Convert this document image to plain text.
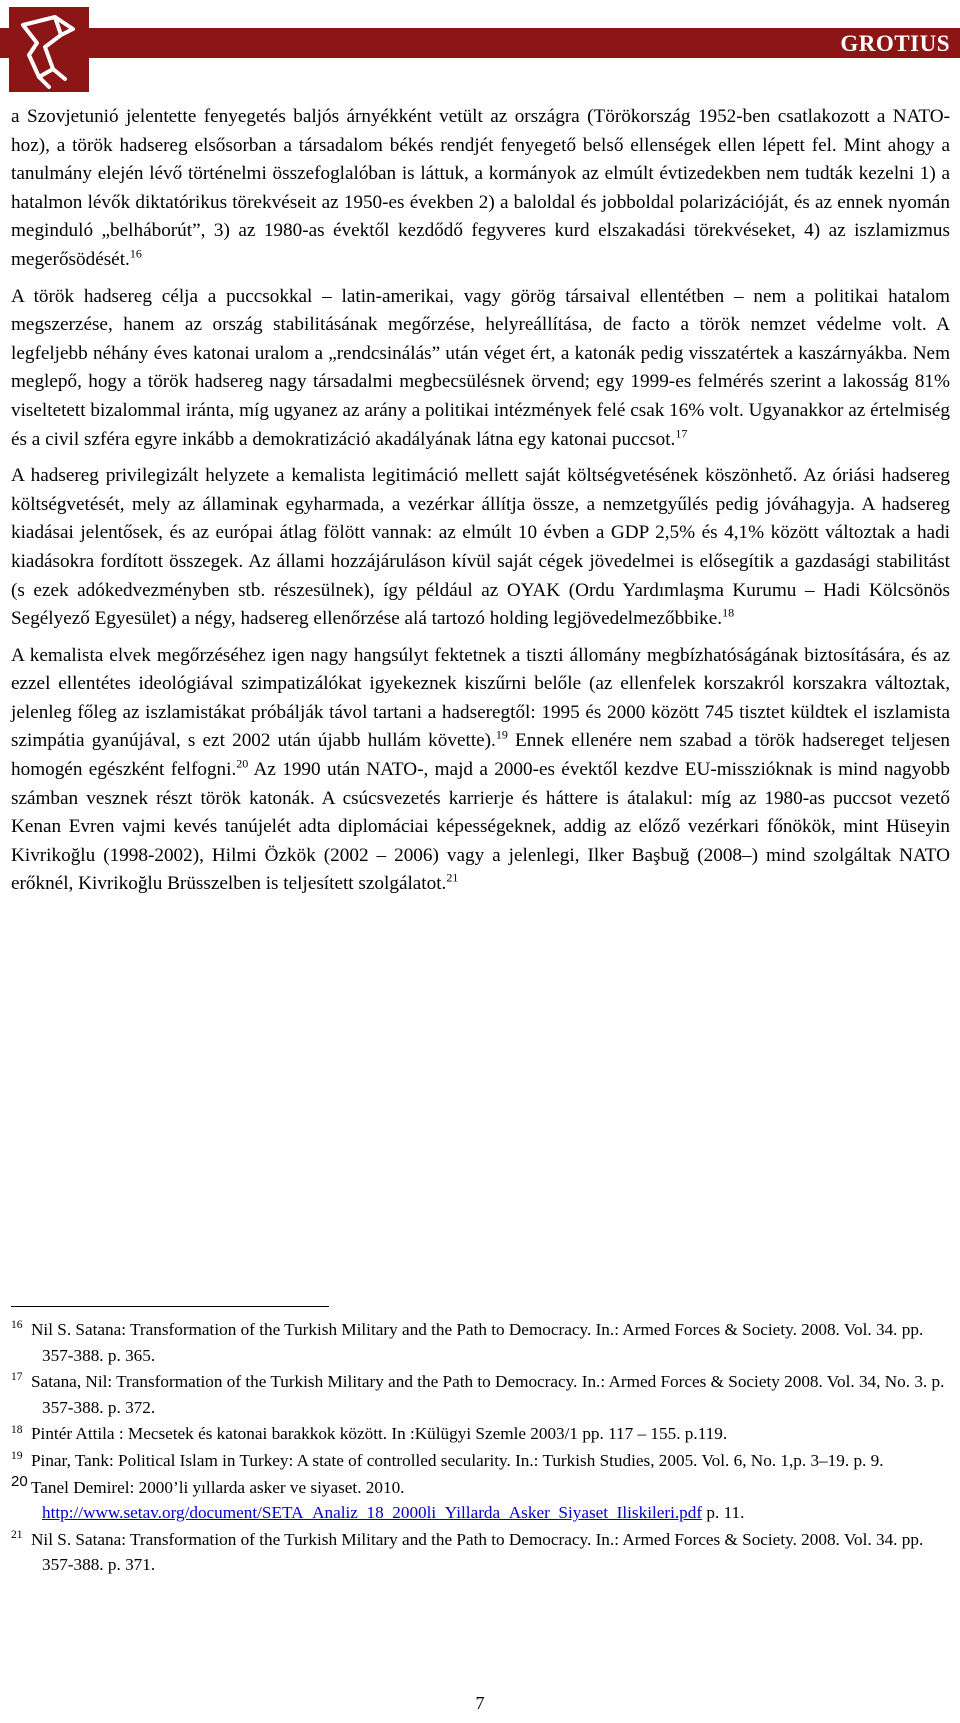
GROTIUS

a Szovjetunió jelentette fenyegetés baljós árnyékként vetült az országra (Törökország 1952-ben csatlakozott a NATO-hoz), a török hadsereg elsősorban a társadalom békés rendjét fenyegető belső ellenségek ellen lépett fel. Mint ahogy a tanulmány elején lévő történelmi összefoglalóban is láttuk, a kormányok az elmúlt évtizedekben nem tudták kezelni 1) a hatalmon lévők diktatórikus törekvéseit az 1950-es években 2) a baloldal és jobboldal polarizációját, és az ennek nyomán meginduló „belháborút”, 3) az 1980-as évektől kezdődő fegyveres kurd elszakadási törekvéseket, 4) az iszlamizmus megerősödését.$^{16}$

A török hadsereg célja a puccsokkal – latin-amerikai, vagy görög társaival ellentétben – nem a politikai hatalom megszerzése, hanem az ország stabilitásának megőrzése, helyreállítása, de facto a török nemzet védelme volt. A legfeljebb néhány éves katonai uralom a „rendcsinálás” után véget ért, a katonák pedig visszatértek a kaszárnyákba. Nem meglepő, hogy a török hadsereg nagy társadalmi megbecsülésnek örvend; egy 1999-es felmérés szerint a lakosság 81% viseltetett bizalommal iránta, míg ugyanez az arány a politikai intézmények felé csak 16% volt. Ugyanakkor az értelmiség és a civil szféra egyre inkább a demokratizáció akadályának látna egy katonai puccsot.$^{17}$

A hadsereg privilegizált helyzete a kemalista legitimáció mellett saját költségvetésének köszönhető. Az óriási hadsereg költségvetését, mely az államinak egyharmada, a vezérkar állítja össze, a nemzetgyűlés pedig jóváhagyja. A hadsereg kiadásai jelentősek, és az európai átlag fölött vannak: az elmúlt 10 évben a GDP 2,5% és 4,1% között változtak a hadi kiadásokra fordított összegek. Az állami hozzájáruláson kívül saját cégek jövedelmei is elősegítik a gazdasági stabilitást (s ezek adókedvezményben stb. részesülnek), így például az OYAK (Ordu Yardımlaşma Kurumu – Hadi Kölcsönös Segélyező Egyesület) a négy, hadsereg ellenőrzése alá tartozó holding legjövedelmezőbbike.$^{18}$

A kemalista elvek megőrzéséhez igen nagy hangsúlyt fektetnek a tiszti állomány megbízhatóságának biztosítására, és az ezzel ellentétes ideológiával szimpatizálókat igyekeznek kiszűrni belőle (az ellenfelek korszakról korszakra változtak, jelenleg főleg az iszlamistákat próbálják távol tartani a hadseregtől: 1995 és 2000 között 745 tisztet küldtek el iszlamista szimpátia gyanújával, s ezt 2002 után újabb hullám követte).$^{19}$ Ennek ellenére nem szabad a török hadsereget teljesen homogén egészként felfogni.$^{20}$ Az 1990 után NATO-, majd a 2000-es évektől kezdve EU-misszióknak is mind nagyobb számban vesznek részt török katonák. A csúcsvezetés karrierje és háttere is átalakul: míg az 1980-as puccsot vezető Kenan Evren vajmi kevés tanújelét adta diplomáciai képességeknek, addig az előző vezérkari főnökök, mint Hüseyin Kivrikoğlu (1998-2002), Hilmi Özkök (2002 – 2006) vagy a jelenlegi, Ilker Başbuğ (2008–) mind szolgáltak NATO erőknél, Kivrikoğlu Brüsszelben is teljesített szolgálatot.$^{21}$

$^{16}$ Nil S. Satana: Transformation of the Turkish Military and the Path to Democracy. In.: Armed Forces & Society. 2008. Vol. 34. pp. 357-388. p. 365.
$^{17}$ Satana, Nil: Transformation of the Turkish Military and the Path to Democracy. In.: Armed Forces & Society 2008. Vol. 34, No. 3. p. 357-388. p. 372.
$^{18}$ Pintér Attila : Mecsetek és katonai barakkok között. In :Külügyi Szemle 2003/1 pp. 117 – 155. p.119.
$^{19}$ Pinar, Tank: Political Islam in Turkey: A state of controlled secularity. In.: Turkish Studies, 2005. Vol. 6, No. 1,p. 3–19. p. 9.
$^{20}$ Tanel Demirel: 2000’li yıllarda asker ve siyaset. 2010.
http://www.setav.org/document/SETA_Analiz_18_2000li_Yillarda_Asker_Siyaset_Iliskileri.pdf p. 11.
$^{21}$ Nil S. Satana: Transformation of the Turkish Military and the Path to Democracy. In.: Armed Forces & Society. 2008. Vol. 34. pp. 357-388. p. 371.
7
